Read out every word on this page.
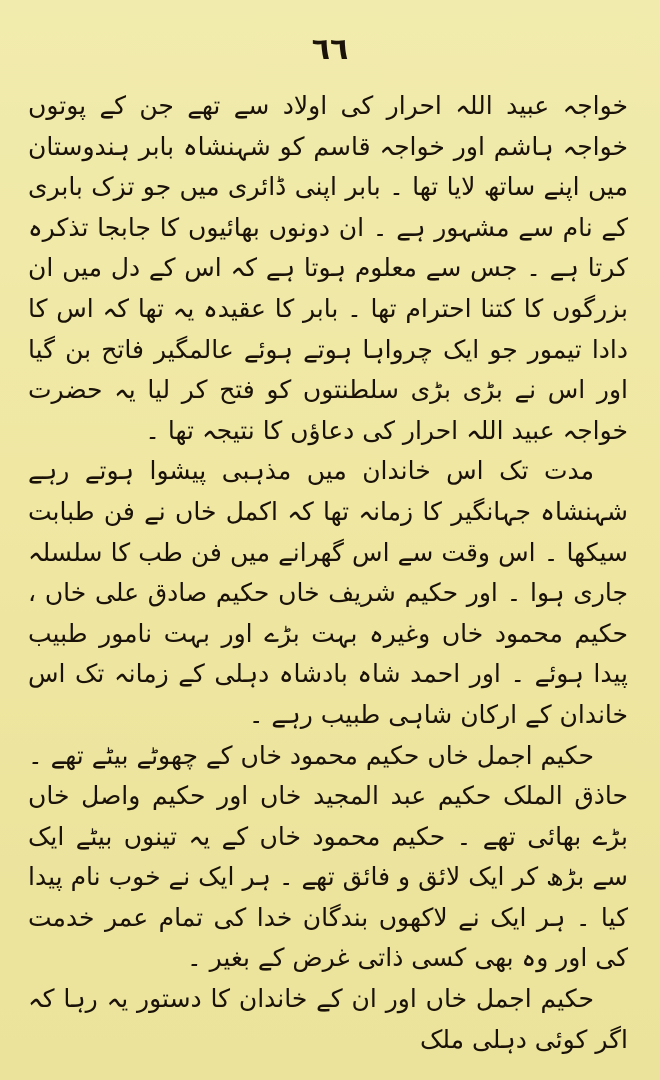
٦٦

خواجہ عبید اللہ احرار کی اولاد سے تھے جن کے پوتوں خواجہ ہاشم اور خواجہ قاسم کو شہنشاہ بابر ہندوستان میں اپنے ساتھ لایا تھا ۔ بابر اپنی ڈائری میں جو تزک بابری کے نام سے مشہور ہے ۔ ان دونوں بھائیوں کا جابجا تذکرہ کرتا ہے ۔ جس سے معلوم ہوتا ہے کہ اس کے دل میں ان بزرگوں کا کتنا احترام تھا ۔ بابر کا عقیدہ یہ تھا کہ اس کا دادا تیمور جو ایک چرواہا ہوتے ہوئے عالمگیر فاتح بن گیا اور اس نے بڑی بڑی سلطنتوں کو فتح کر لیا یہ حضرت خواجہ عبید اللہ احرار کی دعاؤں کا نتیجہ تھا ۔

مدت تک اس خاندان میں مذہبی پیشوا ہوتے رہے شہنشاہ جہانگیر کا زمانہ تھا کہ اکمل خاں نے فن طبابت سیکھا ۔ اس وقت سے اس گھرانے میں فن طب کا سلسلہ جاری ہوا ۔ اور حکیم شریف خاں حکیم صادق علی خاں ، حکیم محمود خاں وغیرہ بہت بڑے اور بہت نامور طبیب پیدا ہوئے ۔ اور احمد شاہ بادشاہ دہلی کے زمانہ تک اس خاندان کے ارکان شاہی طبیب رہے ۔

حکیم اجمل خاں حکیم محمود خاں کے چھوٹے بیٹے تھے ۔ حاذق الملک حکیم عبد المجید خاں اور حکیم واصل خاں بڑے بھائی تھے ۔ حکیم محمود خاں کے یہ تینوں بیٹے ایک سے بڑھ کر ایک لائق و فائق تھے ۔ ہر ایک نے خوب نام پیدا کیا ۔ ہر ایک نے لاکھوں بندگان خدا کی تمام عمر خدمت کی اور وہ بھی کسی ذاتی غرض کے بغیر ۔

حکیم اجمل خاں اور ان کے خاندان کا دستور یہ رہا کہ اگر کوئی دہلی ملک
